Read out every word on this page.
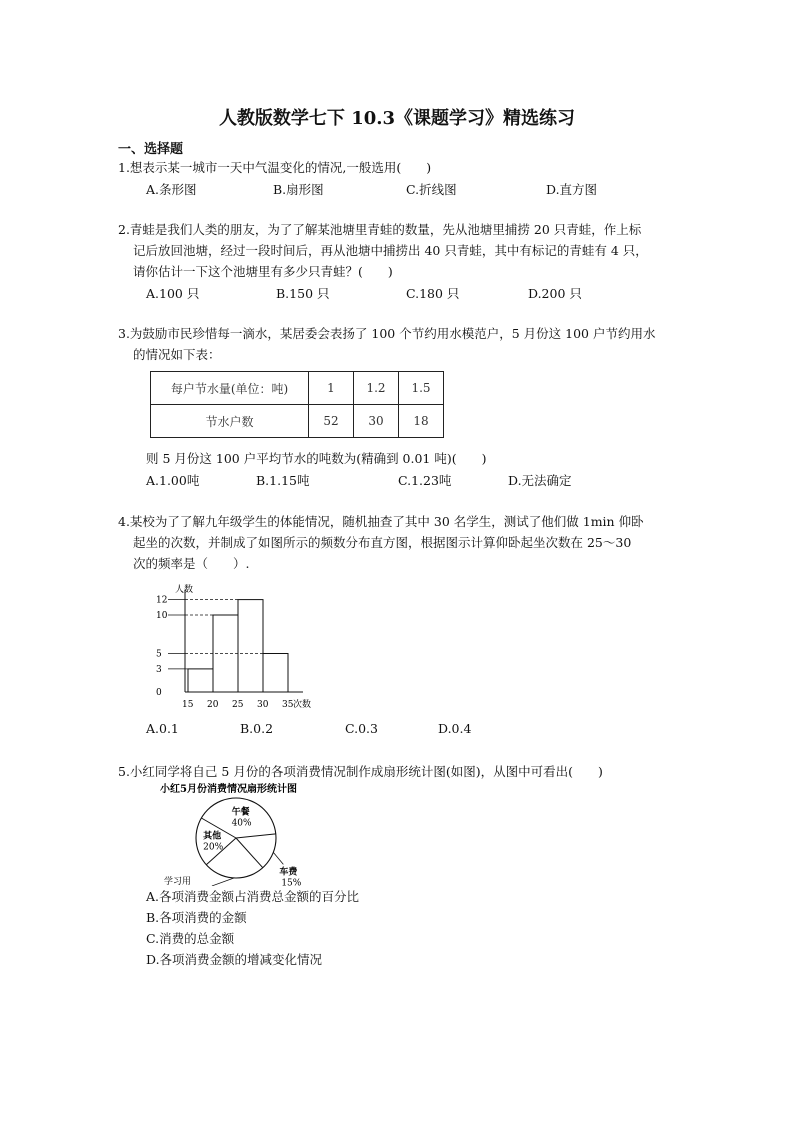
人教版数学七下 10.3《课题学习》精选练习
一、选择题
1.想表示某一城市一天中气温变化的情况,一般选用(　　)
A.条形图	B.扇形图	C.折线图	D.直方图
2.青蛙是我们人类的朋友，为了了解某池塘里青蛙的数量，先从池塘里捕捞 20 只青蛙，作上标
记后放回池塘，经过一段时间后，再从池塘中捕捞出 40 只青蛙，其中有标记的青蛙有 4 只，
请你估计一下这个池塘里有多少只青蛙？(　　)
A.100 只	B.150 只	C.180 只	D.200 只
3.为鼓励市民珍惜每一滴水，某居委会表扬了 100 个节约用水模范户，5 月份这 100 户节约用水
的情况如下表：
每户节水量(单位：吨)	1	1.2	1.5
节水户数	52	30	18
则 5 月份这 100 户平均节水的吨数为(精确到 0.01 吨)(　　)
A.1.00吨	B.1.15吨	C.1.23吨	D.无法确定
4.某校为了了解九年级学生的体能情况，随机抽查了其中 30 名学生，测试了他们做 1min 仰卧
起坐的次数，并制成了如图所示的频数分布直方图，根据图示计算仰卧起坐次数在 25～30
次的频率是（　　）.
人数
次数
0
3
5
10
12
15 20 25 30 35
A.0.1	B.0.2	C.0.3	D.0.4
5.小红同学将自己 5 月份的各项消费情况制作成扇形统计图(如图)，从图中可看出(　　)
小红5月份消费情况扇形统计图
午餐
40%
车费
15%
学习用
其他
20%
A.各项消费金额占消费总金额的百分比
B.各项消费的金额
C.消费的总金额
D.各项消费金额的增减变化情况
